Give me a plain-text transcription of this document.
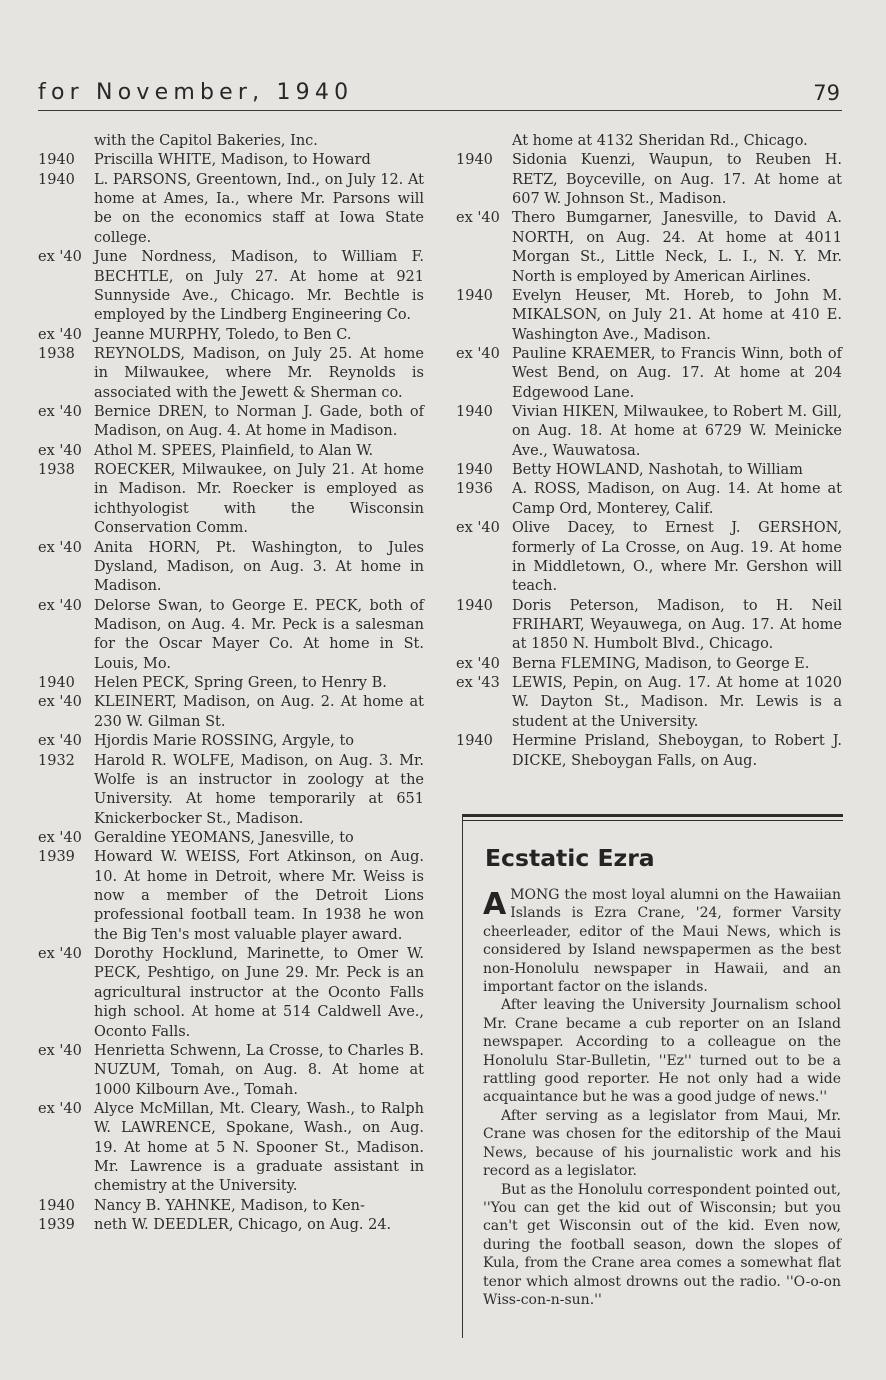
for November, 1940	79
with the Capitol Bakeries, Inc.
1940	Priscilla WHITE, Madison, to Howard
1940	L. PARSONS, Greentown, Ind., on July 12. At home at Ames, Ia., where Mr. Parsons will be on the economics staff at Iowa State college.
ex '40 June Nordness, Madison, to William F. BECHTLE, on July 27. At home at 921 Sunnyside Ave., Chicago. Mr. Bechtle is employed by the Lindberg Engineering Co.
ex '40 Jeanne MURPHY, Toledo, to Ben C.
1938	REYNOLDS, Madison, on July 25. At home in Milwaukee, where Mr. Reynolds is associated with the Jewett & Sherman co.
ex '40 Bernice DREN, to Norman J. Gade, both of Madison, on Aug. 4. At home in Madison.
ex '40 Athol M. SPEES, Plainfield, to Alan W.
1938	ROECKER, Milwaukee, on July 21. At home in Madison. Mr. Roecker is employed as ichthyologist with the Wisconsin Conservation Comm.
ex '40 Anita HORN, Pt. Washington, to Jules Dysland, Madison, on Aug. 3. At home in Madison.
ex '40 Delorse Swan, to George E. PECK, both of Madison, on Aug. 4. Mr. Peck is a salesman for the Oscar Mayer Co. At home in St. Louis, Mo.
1940	Helen PECK, Spring Green, to Henry B.
ex '40 KLEINERT, Madison, on Aug. 2. At home at 230 W. Gilman St.
ex '40 Hjordis Marie ROSSING, Argyle, to
1932	Harold R. WOLFE, Madison, on Aug. 3. Mr. Wolfe is an instructor in zoology at the University. At home temporarily at 651 Knickerbocker St., Madison.
ex '40 Geraldine YEOMANS, Janesville, to
1939	Howard W. WEISS, Fort Atkinson, on Aug. 10. At home in Detroit, where Mr. Weiss is now a member of the Detroit Lions professional football team. In 1938 he won the Big Ten's most valuable player award.
ex '40 Dorothy Hocklund, Marinette, to Omer W. PECK, Peshtigo, on June 29. Mr. Peck is an agricultural instructor at the Oconto Falls high school. At home at 514 Caldwell Ave., Oconto Falls.
ex '40 Henrietta Schwenn, La Crosse, to Charles B. NUZUM, Tomah, on Aug. 8. At home at 1000 Kilbourn Ave., Tomah.
ex '40 Alyce McMillan, Mt. Cleary, Wash., to Ralph W. LAWRENCE, Spokane, Wash., on Aug. 19. At home at 5 N. Spooner St., Madison. Mr. Lawrence is a graduate assistant in chemistry at the University.
1940	Nancy B. YAHNKE, Madison, to Ken-
1939	neth W. DEEDLER, Chicago, on Aug. 24.
At home at 4132 Sheridan Rd., Chicago.
1940	Sidonia Kuenzi, Waupun, to Reuben H. RETZ, Boyceville, on Aug. 17. At home at 607 W. Johnson St., Madison.
ex '40 Thero Bumgarner, Janesville, to David A. NORTH, on Aug. 24. At home at 4011 Morgan St., Little Neck, L. I., N. Y. Mr. North is employed by American Airlines.
1940	Evelyn Heuser, Mt. Horeb, to John M. MIKALSON, on July 21. At home at 410 E. Washington Ave., Madison.
ex '40 Pauline KRAEMER, to Francis Winn, both of West Bend, on Aug. 17. At home at 204 Edgewood Lane.
1940	Vivian HIKEN, Milwaukee, to Robert M. Gill, on Aug. 18. At home at 6729 W. Meinicke Ave., Wauwatosa.
1940	Betty HOWLAND, Nashotah, to William
1936	A. ROSS, Madison, on Aug. 14. At home at Camp Ord, Monterey, Calif.
ex '40 Olive Dacey, to Ernest J. GERSHON, formerly of La Crosse, on Aug. 19. At home in Middletown, O., where Mr. Gershon will teach.
1940	Doris Peterson, Madison, to H. Neil FRIHART, Weyauwega, on Aug. 17. At home at 1850 N. Humbolt Blvd., Chicago.
ex '40 Berna FLEMING, Madison, to George E.
ex '43 LEWIS, Pepin, on Aug. 17. At home at 1020 W. Dayton St., Madison. Mr. Lewis is a student at the University.
1940	Hermine Prisland, Sheboygan, to Robert J. DICKE, Sheboygan Falls, on Aug.
Ecstatic Ezra

AMONG the most loyal alumni on the Hawaiian Islands is Ezra Crane, '24, former Varsity cheerleader, editor of the Maui News, which is considered by Island newspapermen as the best non-Honolulu newspaper in Hawaii, and an important factor on the islands.

After leaving the University Journalism school Mr. Crane became a cub reporter on an Island newspaper. According to a colleague on the Honolulu Star-Bulletin, ''Ez'' turned out to be a rattling good reporter. He not only had a wide acquaintance but he was a good judge of news.''

After serving as a legislator from Maui, Mr. Crane was chosen for the editorship of the Maui News, because of his journalistic work and his record as a legislator.

But as the Honolulu correspondent pointed out, ''You can get the kid out of Wisconsin; but you can't get Wisconsin out of the kid. Even now, during the football season, down the slopes of Kula, from the Crane area comes a somewhat flat tenor which almost drowns out the radio. ''O-o-on Wiss-con-n-sun.''
